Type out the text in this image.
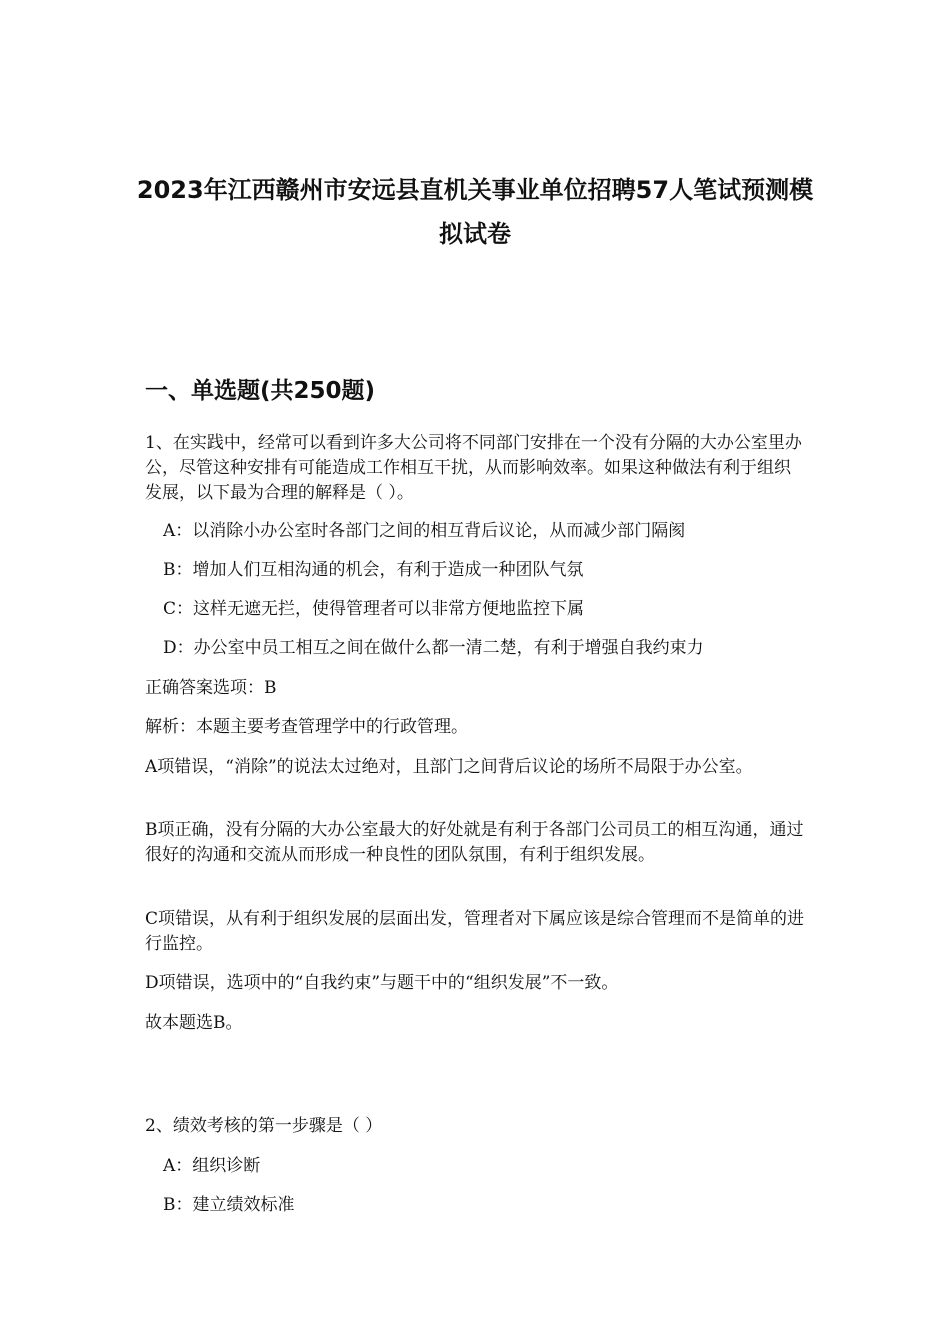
2023年江西赣州市安远县直机关事业单位招聘57人笔试预测模拟试卷
一、单选题(共250题)

1、在实践中，经常可以看到许多大公司将不同部门安排在一个没有分隔的大办公室里办公，尽管这种安排有可能造成工作相互干扰，从而影响效率。如果这种做法有利于组织发展，以下最为合理的解释是（ ）。

A：以消除小办公室时各部门之间的相互背后议论，从而减少部门隔阂

B：增加人们互相沟通的机会，有利于造成一种团队气氛

C：这样无遮无拦，使得管理者可以非常方便地监控下属

D：办公室中员工相互之间在做什么都一清二楚，有利于增强自我约束力

正确答案选项：B

解析：本题主要考查管理学中的行政管理。

A项错误，“消除”的说法太过绝对，且部门之间背后议论的场所不局限于办公室。

B项正确，没有分隔的大办公室最大的好处就是有利于各部门公司员工的相互沟通，通过很好的沟通和交流从而形成一种良性的团队氛围，有利于组织发展。

C项错误，从有利于组织发展的层面出发，管理者对下属应该是综合管理而不是简单的进行监控。

D项错误，选项中的“自我约束”与题干中的“组织发展”不一致。

故本题选B。

2、绩效考核的第一步骤是（ ）

A：组织诊断

B：建立绩效标准
